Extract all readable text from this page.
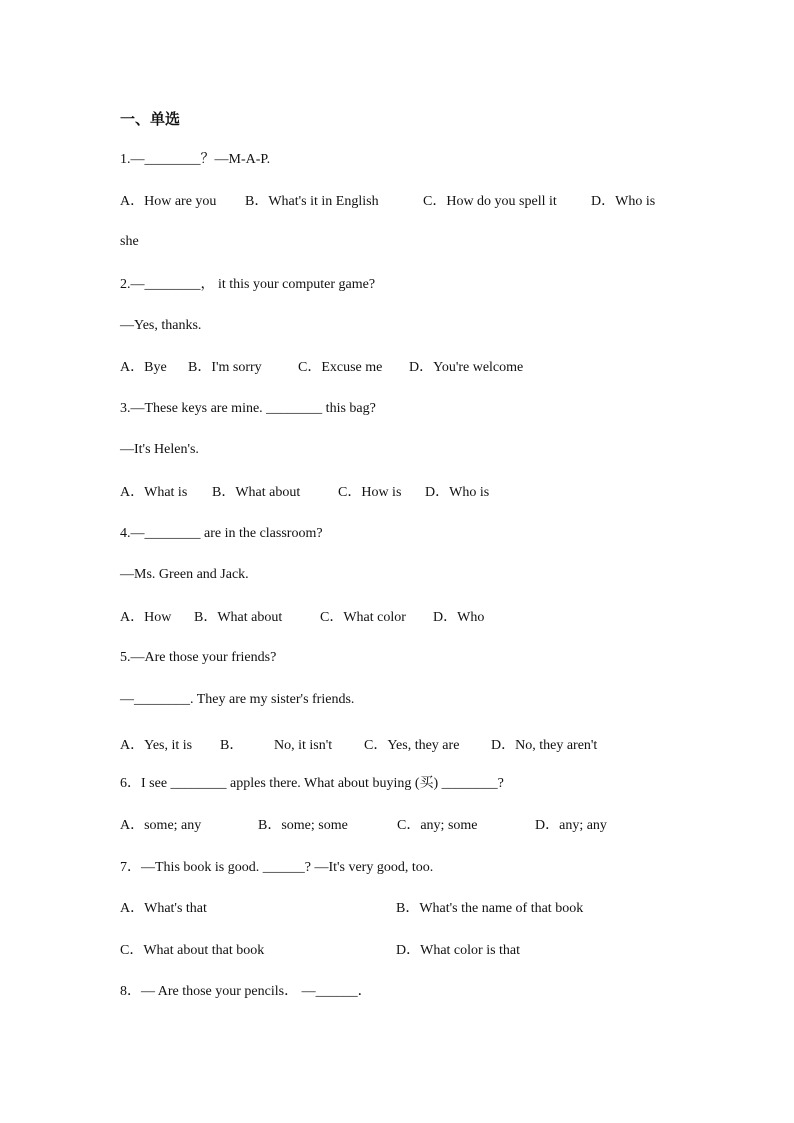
一、单选
1.—________？—M-A-P.
A．How are you B．What's it in English	C．How do you spell it D．Who is
she
2.—________， it this your computer game?
—Yes, thanks.
A．Bye B．I'm sorry	C．Excuse me D．You're welcome
3.—These keys are mine. ________ this bag?
—It's Helen's.
A．What is B．What about	C．How is D．Who is
4.—________ are in the classroom?
—Ms. Green and Jack.
A．How B．What about	C．What color D．Who
5.—Are those your friends?
—________. They are my sister's friends.
A．Yes, it is B． No, it isn't C．Yes, they are D．No, they aren't
6．I see ________ apples there. What about buying (买) ________?
A．some; any	B．some; some	C．any; some	D．any; any
7．—This book is good. ______? —It's very good, too.
A．What's that	B．What's the name of that book
C．What about that book	D．What color is that
8．— Are those your pencils． —______．
